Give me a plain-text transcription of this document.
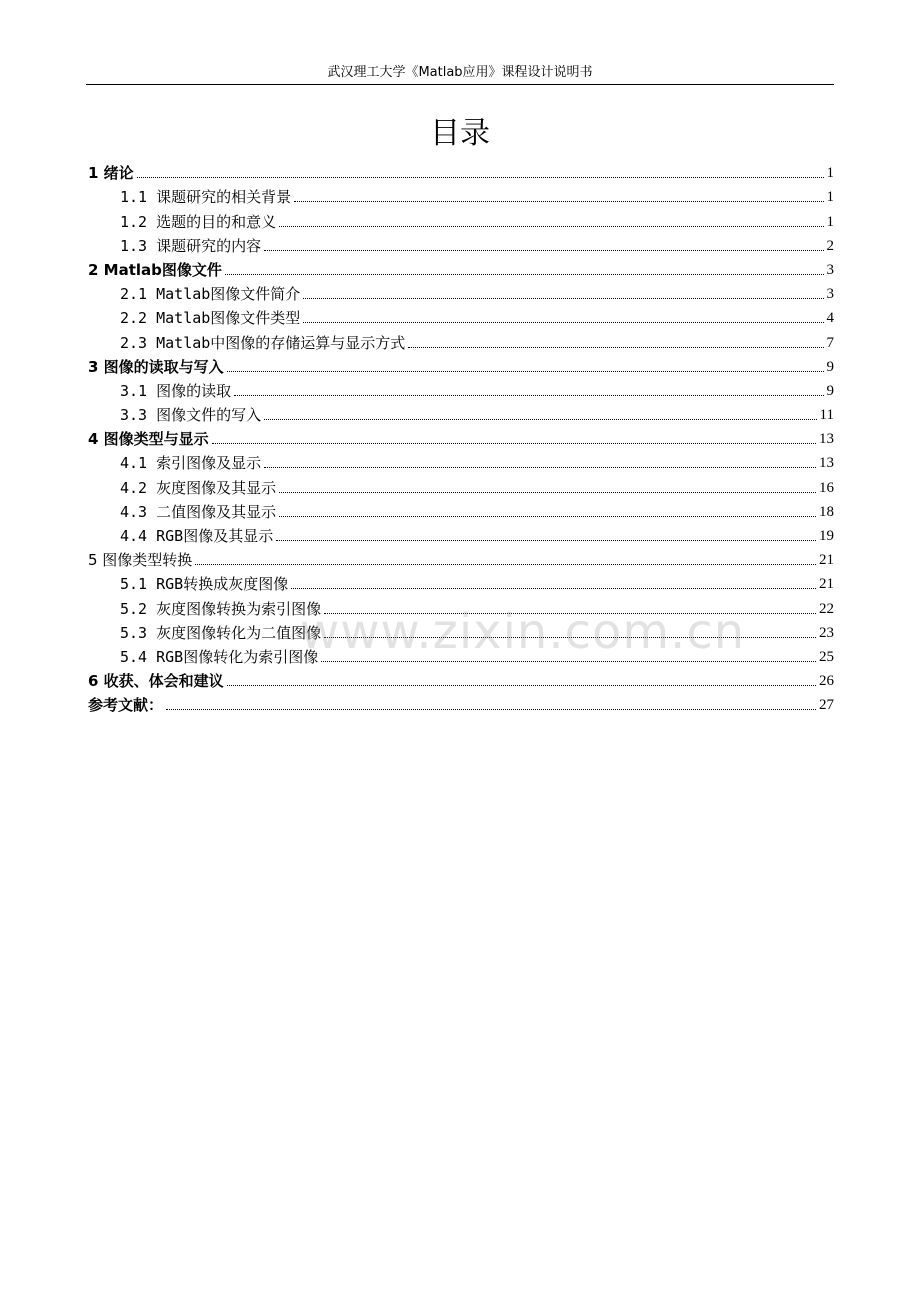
武汉理工大学《Matlab应用》课程设计说明书
目录
1 绪论	1
1.1 课题研究的相关背景	1
1.2 选题的目的和意义	1
1.3 课题研究的内容	2
2 Matlab图像文件	3
2.1 Matlab图像文件简介	3
2.2 Matlab图像文件类型	4
2.3 Matlab中图像的存储运算与显示方式	7
3 图像的读取与写入	9
3.1 图像的读取	9
3.3 图像文件的写入	11
4 图像类型与显示	13
4.1 索引图像及显示	13
4.2 灰度图像及其显示	16
4.3 二值图像及其显示	18
4.4 RGB图像及其显示	19
5 图像类型转换	21
5.1 RGB转换成灰度图像	21
5.2 灰度图像转换为索引图像	22
5.3 灰度图像转化为二值图像	23
5.4 RGB图像转化为索引图像	25
6 收获、体会和建议	26
参考文献：	27
www.zixin.com.cn
